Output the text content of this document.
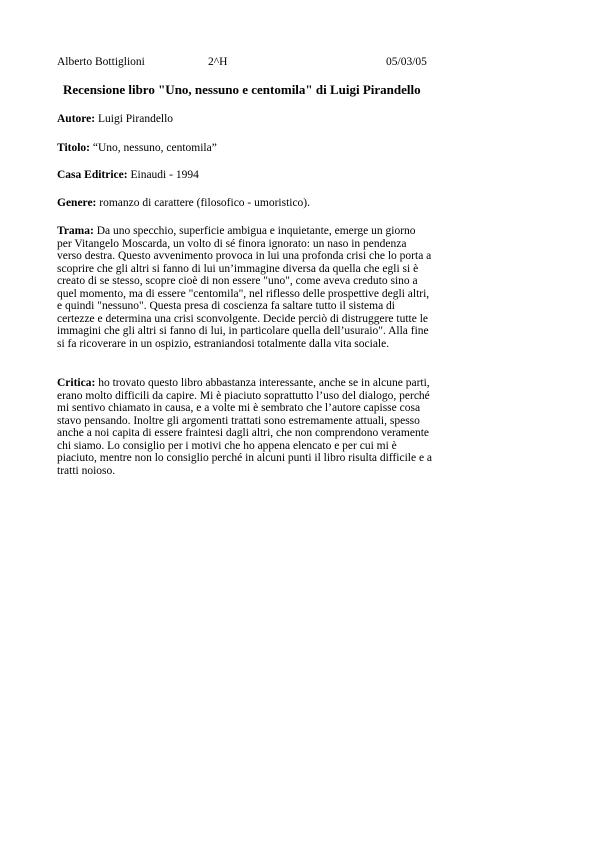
Alberto Bottiglioni	2^H	05/03/05
Recensione libro "Uno, nessuno e centomila" di Luigi Pirandello
Autore: Luigi Pirandello
Titolo: “Uno, nessuno, centomila”
Casa Editrice: Einaudi - 1994
Genere: romanzo di carattere (filosofico - umoristico).
Trama: Da uno specchio, superficie ambigua e inquietante, emerge un giorno
per Vitangelo Moscarda, un volto di sé finora ignorato: un naso in pendenza
verso destra. Questo avvenimento provoca in lui una profonda crisi che lo porta a
scoprire che gli altri si fanno di lui un’immagine diversa da quella che egli si è
creato di se stesso, scopre cioè di non essere "uno", come aveva creduto sino a
quel momento, ma di essere "centomila", nel riflesso delle prospettive degli altri,
e quindi "nessuno". Questa presa di coscienza fa saltare tutto il sistema di
certezze e determina una crisi sconvolgente. Decide perciò di distruggere tutte le
immagini che gli altri si fanno di lui, in particolare quella dell’usuraio". Alla fine
si fa ricoverare in un ospizio, estraniandosi totalmente dalla vita sociale.
Critica: ho trovato questo libro abbastanza interessante, anche se in alcune parti,
erano molto difficili da capire. Mi è piaciuto soprattutto l’uso del dialogo, perché
mi sentivo chiamato in causa, e a volte mi è sembrato che l’autore capisse cosa
stavo pensando. Inoltre gli argomenti trattati sono estremamente attuali, spesso
anche a noi capita di essere fraintesi dagli altri, che non comprendono veramente
chi siamo. Lo consiglio per i motivi che ho appena elencato e per cui mi è
piaciuto, mentre non lo consiglio perché in alcuni punti il libro risulta difficile e a
tratti noioso.
